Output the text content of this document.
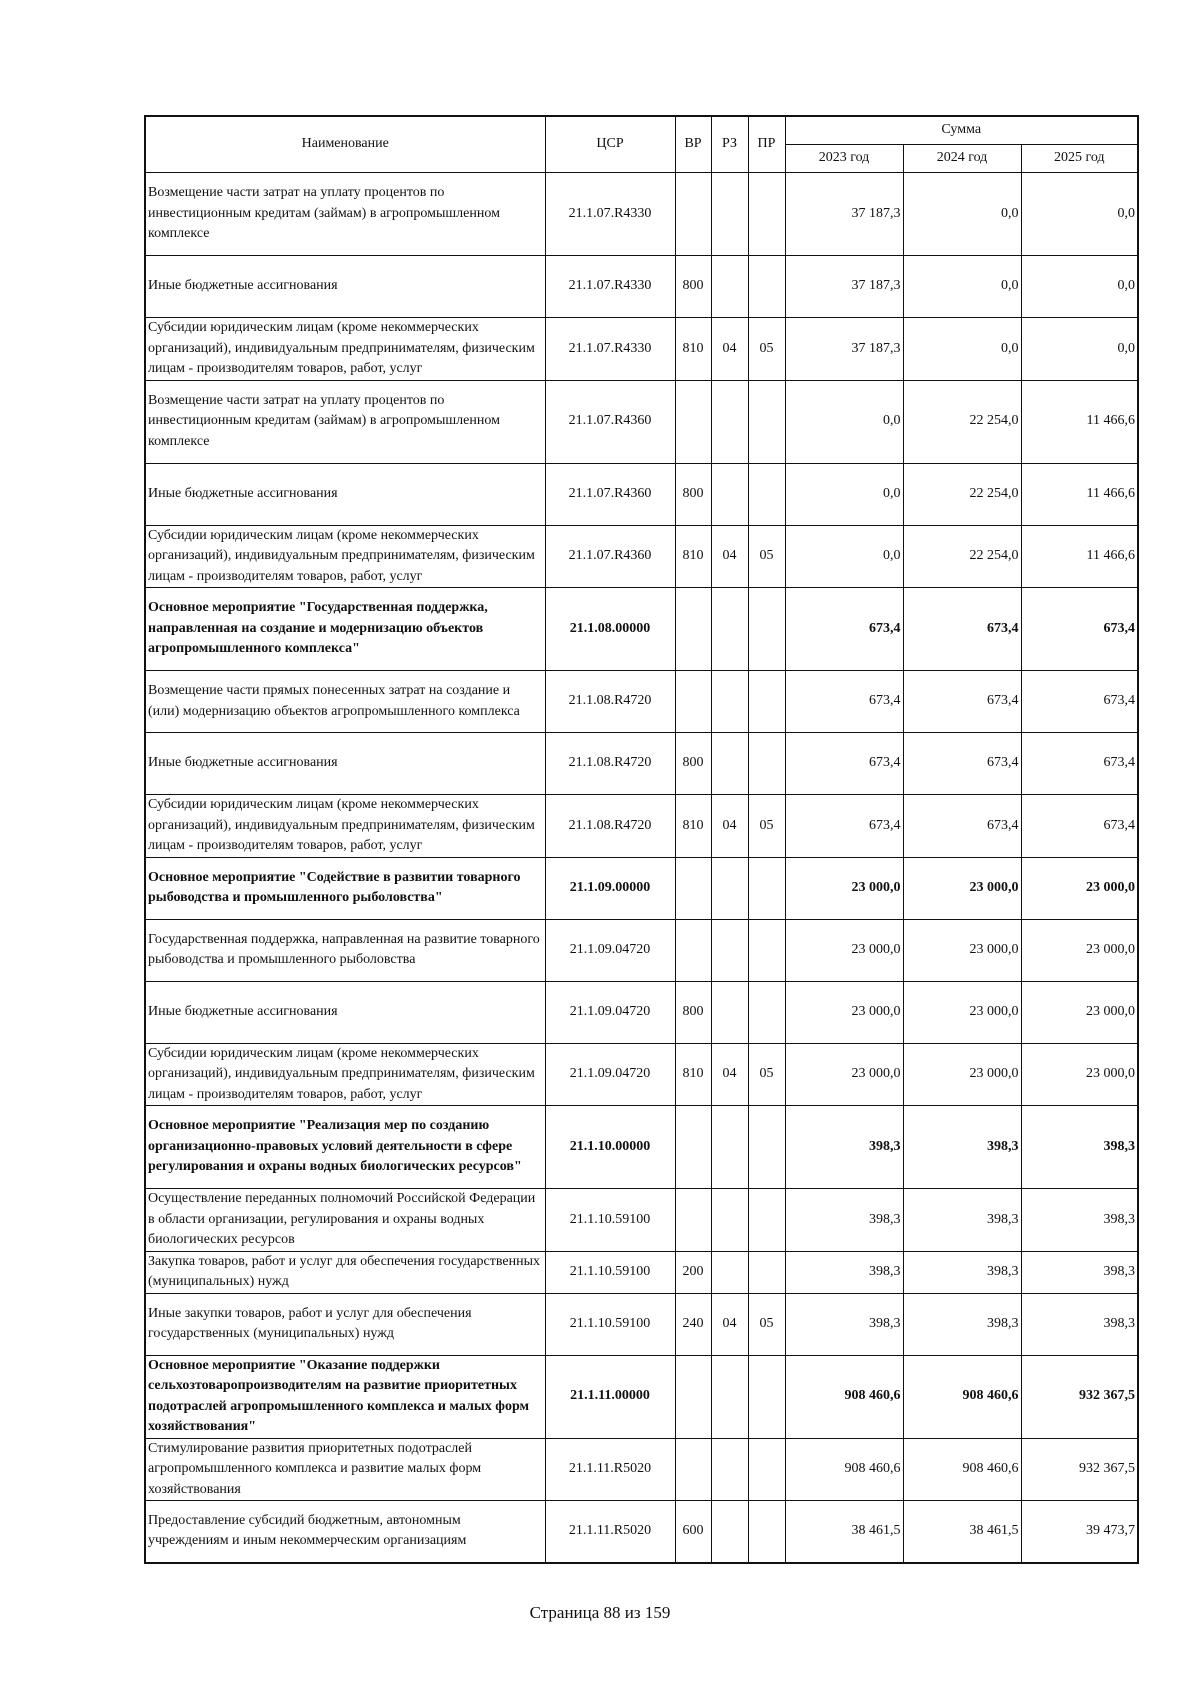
Наименование	ЦСР	ВР	РЗ	ПР	Сумма		
					2023 год	2024 год	2025 год
Возмещение части затрат на уплату процентов по инвестиционным кредитам (займам) в агропромышленном комплексе	21.1.07.R4330				37 187,3	0,0	0,0
Иные бюджетные ассигнования	21.1.07.R4330	800			37 187,3	0,0	0,0
Субсидии юридическим лицам (кроме некоммерческих организаций), индивидуальным предпринимателям, физическим лицам - производителям товаров, работ, услуг	21.1.07.R4330	810	04	05	37 187,3	0,0	0,0
Возмещение части затрат на уплату процентов по инвестиционным кредитам (займам) в агропромышленном комплексе	21.1.07.R4360				0,0	22 254,0	11 466,6
Иные бюджетные ассигнования	21.1.07.R4360	800			0,0	22 254,0	11 466,6
Субсидии юридическим лицам (кроме некоммерческих организаций), индивидуальным предпринимателям, физическим лицам - производителям товаров, работ, услуг	21.1.07.R4360	810	04	05	0,0	22 254,0	11 466,6
Основное мероприятие "Государственная поддержка, направленная на создание и модернизацию объектов агропромышленного комплекса"	21.1.08.00000				673,4	673,4	673,4
Возмещение части прямых понесенных затрат на создание и (или) модернизацию объектов агропромышленного комплекса	21.1.08.R4720				673,4	673,4	673,4
Иные бюджетные ассигнования	21.1.08.R4720	800			673,4	673,4	673,4
Субсидии юридическим лицам (кроме некоммерческих организаций), индивидуальным предпринимателям, физическим лицам - производителям товаров, работ, услуг	21.1.08.R4720	810	04	05	673,4	673,4	673,4
Основное мероприятие "Содействие в развитии товарного рыбоводства и промышленного рыболовства"	21.1.09.00000				23 000,0	23 000,0	23 000,0
Государственная поддержка, направленная на развитие товарного рыбоводства и промышленного рыболовства	21.1.09.04720				23 000,0	23 000,0	23 000,0
Иные бюджетные ассигнования	21.1.09.04720	800			23 000,0	23 000,0	23 000,0
Субсидии юридическим лицам (кроме некоммерческих организаций), индивидуальным предпринимателям, физическим лицам - производителям товаров, работ, услуг	21.1.09.04720	810	04	05	23 000,0	23 000,0	23 000,0
Основное мероприятие "Реализация мер по созданию организационно-правовых условий деятельности в сфере регулирования и охраны водных биологических ресурсов"	21.1.10.00000				398,3	398,3	398,3
Осуществление переданных полномочий Российской Федерации в области организации, регулирования и охраны водных биологических ресурсов	21.1.10.59100				398,3	398,3	398,3
Закупка товаров, работ и услуг для обеспечения государственных (муниципальных) нужд	21.1.10.59100	200			398,3	398,3	398,3
Иные закупки товаров, работ и услуг для обеспечения государственных (муниципальных) нужд	21.1.10.59100	240	04	05	398,3	398,3	398,3
Основное мероприятие "Оказание поддержки сельхозтоваропроизводителям на развитие приоритетных подотраслей агропромышленного комплекса и малых форм хозяйствования"	21.1.11.00000				908 460,6	908 460,6	932 367,5
Стимулирование развития приоритетных подотраслей агропромышленного комплекса и развитие малых форм хозяйствования	21.1.11.R5020				908 460,6	908 460,6	932 367,5
Предоставление субсидий бюджетным, автономным учреждениям и иным некоммерческим организациям	21.1.11.R5020	600			38 461,5	38 461,5	39 473,7
Страница 88 из 159
